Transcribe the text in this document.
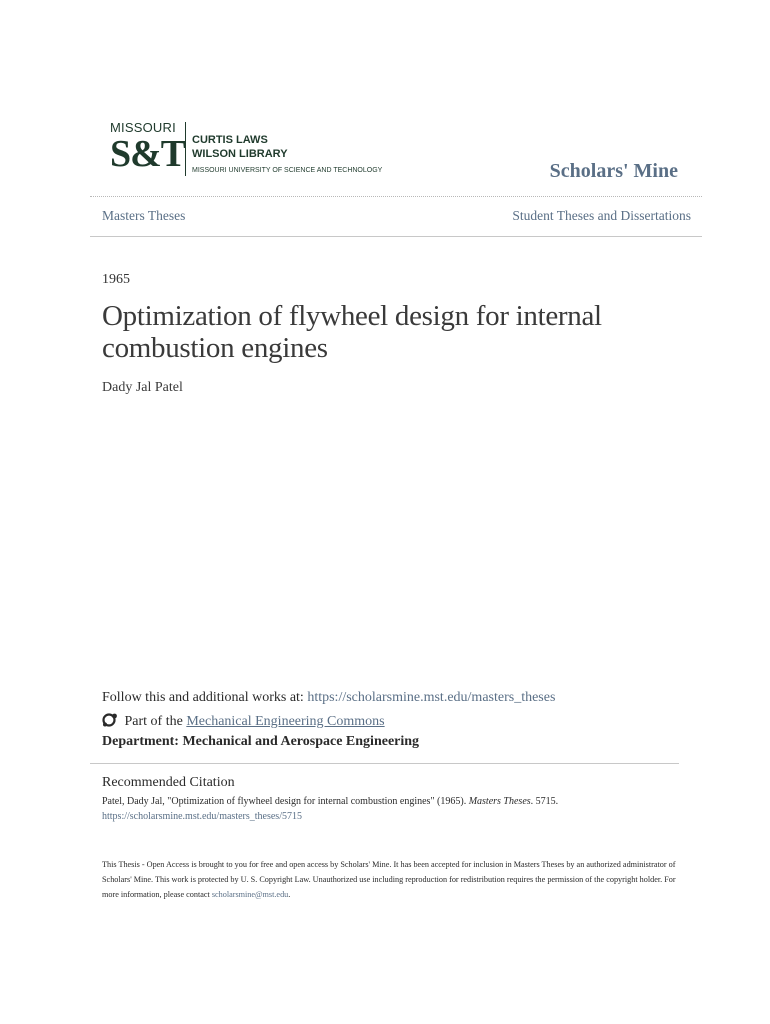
MISSOURI
S&T CURTIS LAWS
WILSON LIBRARY
MISSOURI UNIVERSITY OF SCIENCE AND TECHNOLOGY	Scholars' Mine
Masters Theses	Student Theses and Dissertations
1965
Optimization of flywheel design for internal combustion engines
Dady Jal Patel
Follow this and additional works at: https://scholarsmine.mst.edu/masters_theses
Part of the Mechanical Engineering Commons
Department: Mechanical and Aerospace Engineering
Recommended Citation
Patel, Dady Jal, "Optimization of flywheel design for internal combustion engines" (1965). Masters Theses. 5715.
https://scholarsmine.mst.edu/masters_theses/5715
This Thesis - Open Access is brought to you for free and open access by Scholars' Mine. It has been accepted for inclusion in Masters Theses by an authorized administrator of Scholars' Mine. This work is protected by U. S. Copyright Law. Unauthorized use including reproduction for redistribution requires the permission of the copyright holder. For more information, please contact scholarsmine@mst.edu.
